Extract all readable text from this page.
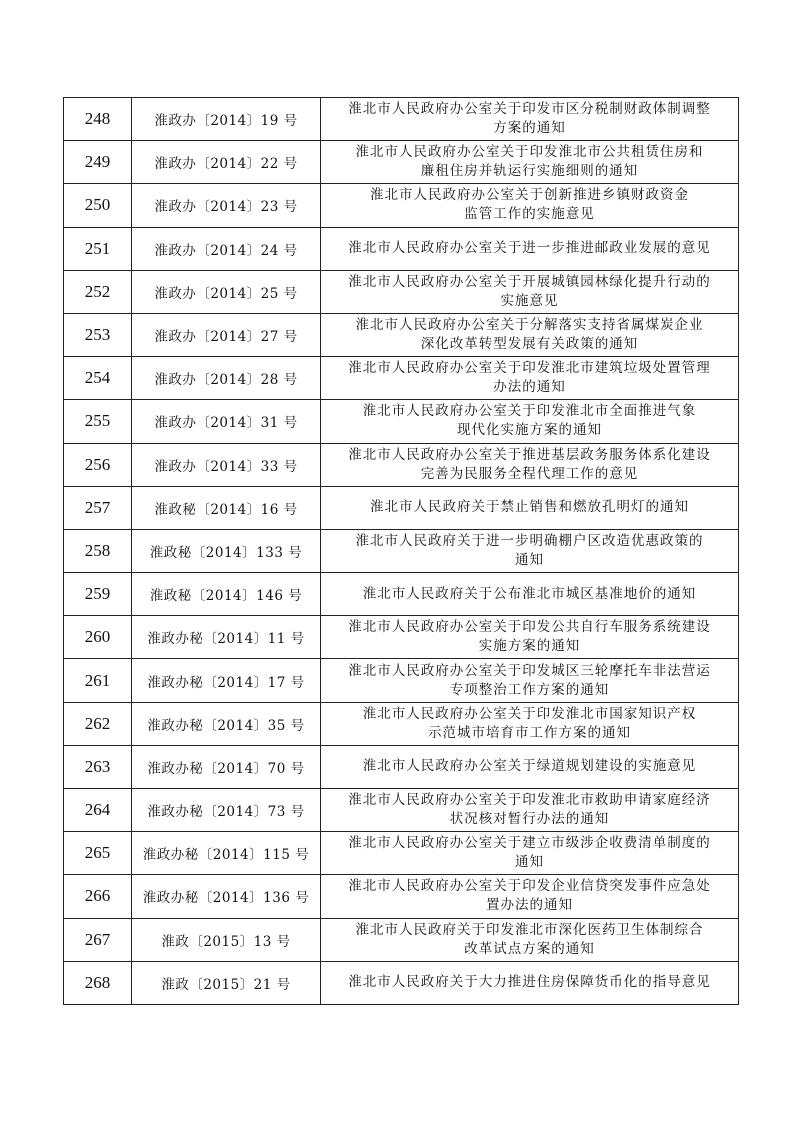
248	淮政办〔2014〕19 号	淮北市人民政府办公室关于印发市区分税制财政体制调整
方案的通知

249	淮政办〔2014〕22 号	淮北市人民政府办公室关于印发淮北市公共租赁住房和
廉租住房并轨运行实施细则的通知

250	淮政办〔2014〕23 号	淮北市人民政府办公室关于创新推进乡镇财政资金
监管工作的实施意见

251	淮政办〔2014〕24 号	淮北市人民政府办公室关于进一步推进邮政业发展的意见

252	淮政办〔2014〕25 号	淮北市人民政府办公室关于开展城镇园林绿化提升行动的
实施意见

253	淮政办〔2014〕27 号	淮北市人民政府办公室关于分解落实支持省属煤炭企业
深化改革转型发展有关政策的通知

254	淮政办〔2014〕28 号	淮北市人民政府办公室关于印发淮北市建筑垃圾处置管理
办法的通知

255	淮政办〔2014〕31 号	淮北市人民政府办公室关于印发淮北市全面推进气象
现代化实施方案的通知

256	淮政办〔2014〕33 号	淮北市人民政府办公室关于推进基层政务服务体系化建设
完善为民服务全程代理工作的意见

257	淮政秘〔2014〕16 号	淮北市人民政府关于禁止销售和燃放孔明灯的通知

258	淮政秘〔2014〕133 号	淮北市人民政府关于进一步明确棚户区改造优惠政策的
通知

259	淮政秘〔2014〕146 号	淮北市人民政府关于公布淮北市城区基准地价的通知

260	淮政办秘〔2014〕11 号	淮北市人民政府办公室关于印发公共自行车服务系统建设
实施方案的通知

261	淮政办秘〔2014〕17 号	淮北市人民政府办公室关于印发城区三轮摩托车非法营运
专项整治工作方案的通知

262	淮政办秘〔2014〕35 号	淮北市人民政府办公室关于印发淮北市国家知识产权
示范城市培育市工作方案的通知

263	淮政办秘〔2014〕70 号	淮北市人民政府办公室关于绿道规划建设的实施意见

264	淮政办秘〔2014〕73 号	淮北市人民政府办公室关于印发淮北市救助申请家庭经济
状况核对暂行办法的通知

265	淮政办秘〔2014〕115 号	淮北市人民政府办公室关于建立市级涉企收费清单制度的
通知

266	淮政办秘〔2014〕136 号	淮北市人民政府办公室关于印发企业信贷突发事件应急处
置办法的通知

267	淮政〔2015〕13 号	淮北市人民政府关于印发淮北市深化医药卫生体制综合
改革试点方案的通知

268	淮政〔2015〕21 号	淮北市人民政府关于大力推进住房保障货币化的指导意见
